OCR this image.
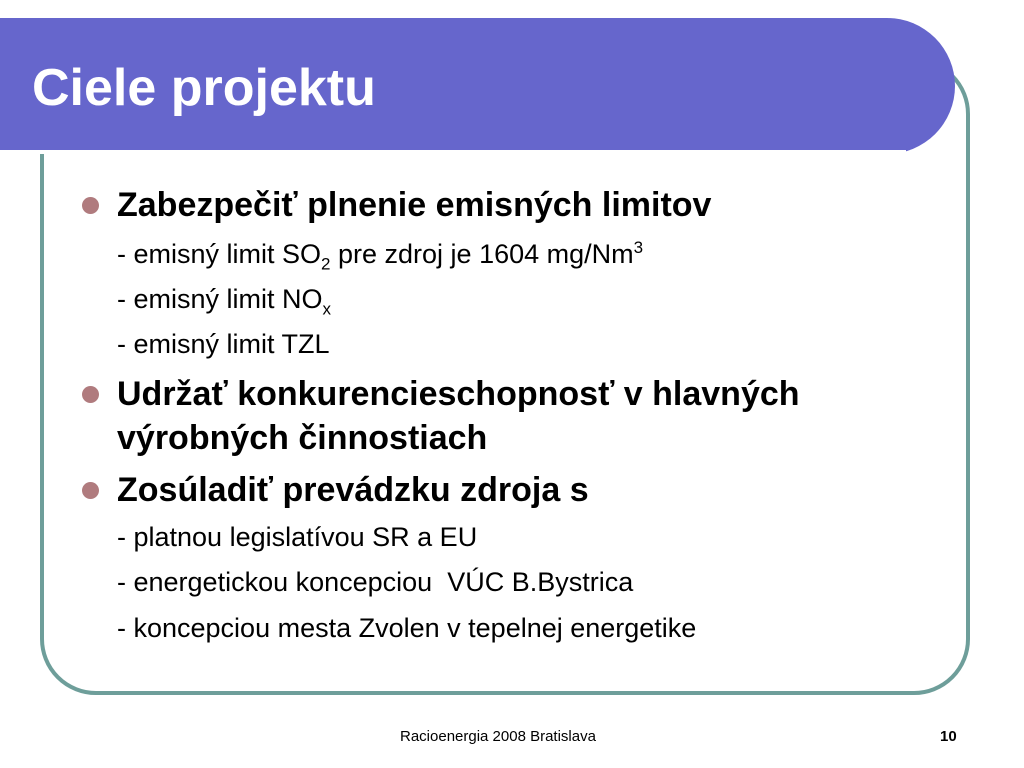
Ciele projektu
Zabezpečiť plnenie emisných limitov
- emisný limit $SO_2$ pre zdroj je 1604 mg/Nm$^3$
- emisný limit $NO_x$
- emisný limit TZL
Udržať konkurencieschopnosť v hlavných výrobných činnostiach
Zosúladiť prevádzku zdroja s
- platnou legislatívou SR a EU
- energetickou koncepciou  VÚC B.Bystrica
- koncepciou mesta Zvolen v tepelnej energetike
Racioenergia 2008 Bratislava	10
